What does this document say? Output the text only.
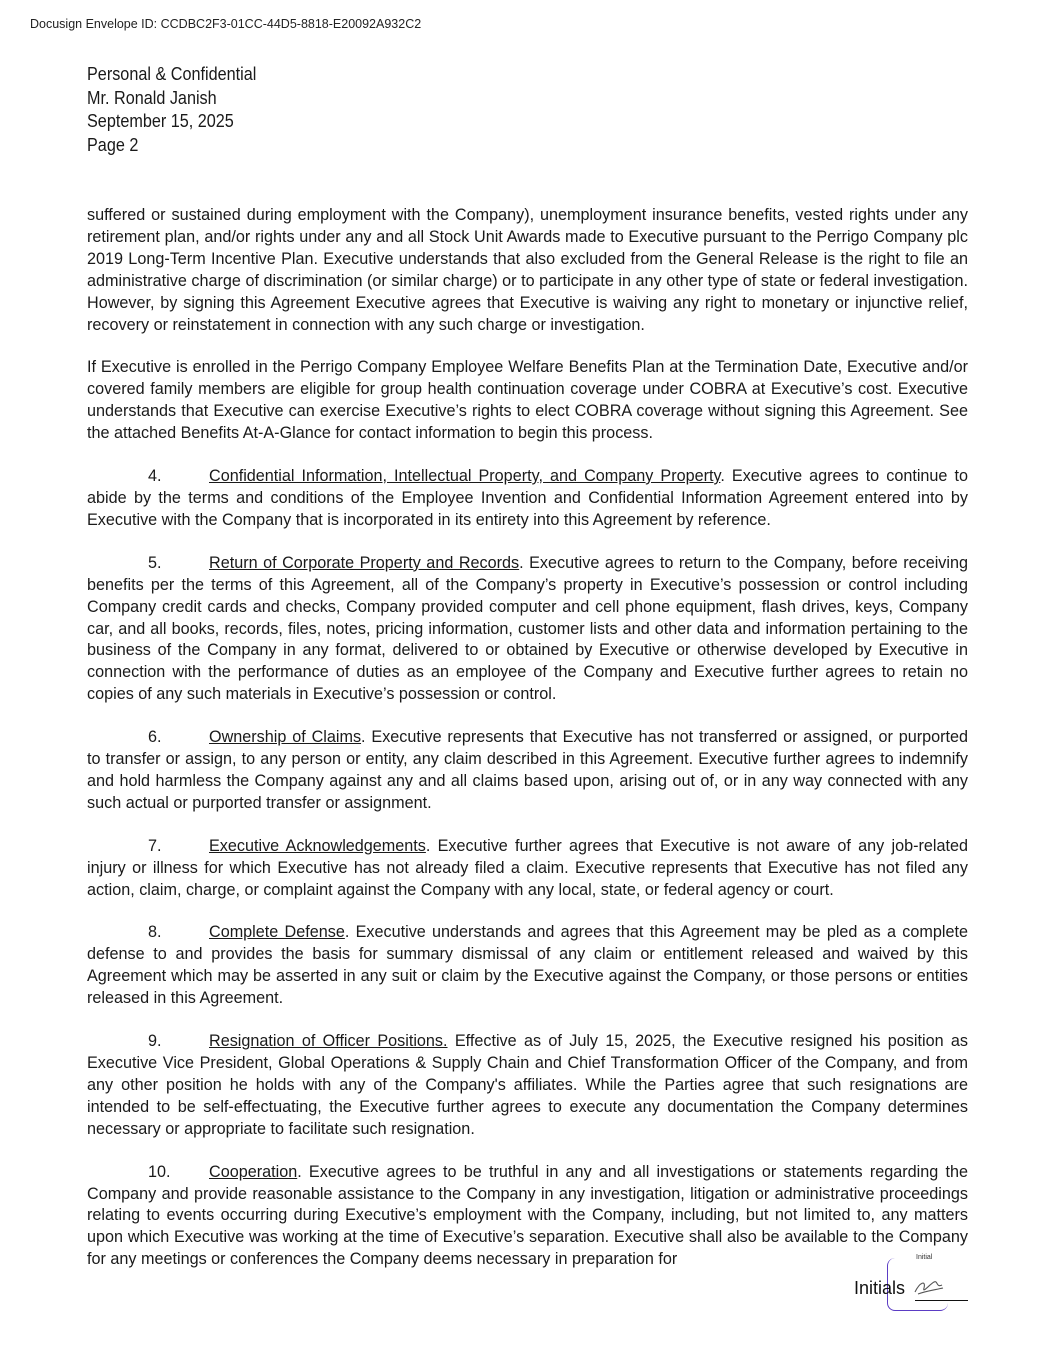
Docusign Envelope ID: CCDBC2F3-01CC-44D5-8818-E20092A932C2
Personal & Confidential
Mr. Ronald Janish
September 15, 2025
Page 2

suffered or sustained during employment with the Company), unemployment insurance benefits, vested rights under any retirement plan, and/or rights under any and all Stock Unit Awards made to Executive pursuant to the Perrigo Company plc 2019 Long-Term Incentive Plan. Executive understands that also excluded from the General Release is the right to file an administrative charge of discrimination (or similar charge) or to participate in any other type of state or federal investigation. However, by signing this Agreement Executive agrees that Executive is waiving any right to monetary or injunctive relief, recovery or reinstatement in connection with any such charge or investigation.

If Executive is enrolled in the Perrigo Company Employee Welfare Benefits Plan at the Termination Date, Executive and/or covered family members are eligible for group health continuation coverage under COBRA at Executive’s cost. Executive understands that Executive can exercise Executive’s rights to elect COBRA coverage without signing this Agreement. See the attached Benefits At-A-Glance for contact information to begin this process.

4.	Confidential Information, Intellectual Property, and Company Property. Executive agrees to continue to abide by the terms and conditions of the Employee Invention and Confidential Information Agreement entered into by Executive with the Company that is incorporated in its entirety into this Agreement by reference.

5.	Return of Corporate Property and Records. Executive agrees to return to the Company, before receiving benefits per the terms of this Agreement, all of the Company’s property in Executive’s possession or control including Company credit cards and checks, Company provided computer and cell phone equipment, flash drives, keys, Company car, and all books, records, files, notes, pricing information, customer lists and other data and information pertaining to the business of the Company in any format, delivered to or obtained by Executive or otherwise developed by Executive in connection with the performance of duties as an employee of the Company and Executive further agrees to retain no copies of any such materials in Executive’s possession or control.

6.	Ownership of Claims. Executive represents that Executive has not transferred or assigned, or purported to transfer or assign, to any person or entity, any claim described in this Agreement. Executive further agrees to indemnify and hold harmless the Company against any and all claims based upon, arising out of, or in any way connected with any such actual or purported transfer or assignment.

7.	Executive Acknowledgements. Executive further agrees that Executive is not aware of any job-related injury or illness for which Executive has not already filed a claim. Executive represents that Executive has not filed any action, claim, charge, or complaint against the Company with any local, state, or federal agency or court.

8.	Complete Defense. Executive understands and agrees that this Agreement may be pled as a complete defense to and provides the basis for summary dismissal of any claim or entitlement released and waived by this Agreement which may be asserted in any suit or claim by the Executive against the Company, or those persons or entities released in this Agreement.

9.	Resignation of Officer Positions. Effective as of July 15, 2025, the Executive resigned his position as Executive Vice President, Global Operations & Supply Chain and Chief Transformation Officer of the Company, and from any other position he holds with any of the Company's affiliates. While the Parties agree that such resignations are intended to be self-effectuating, the Executive further agrees to execute any documentation the Company determines necessary or appropriate to facilitate such resignation.

10. Cooperation. Executive agrees to be truthful in any and all investigations or statements regarding the Company and provide reasonable assistance to the Company in any investigation, litigation or administrative proceedings relating to events occurring during Executive’s employment with the Company, including, but not limited to, any matters upon which Executive was working at the time of Executive’s separation. Executive shall also be available to the Company for any meetings or conferences the Company deems necessary in preparation for	Initial
Initials
